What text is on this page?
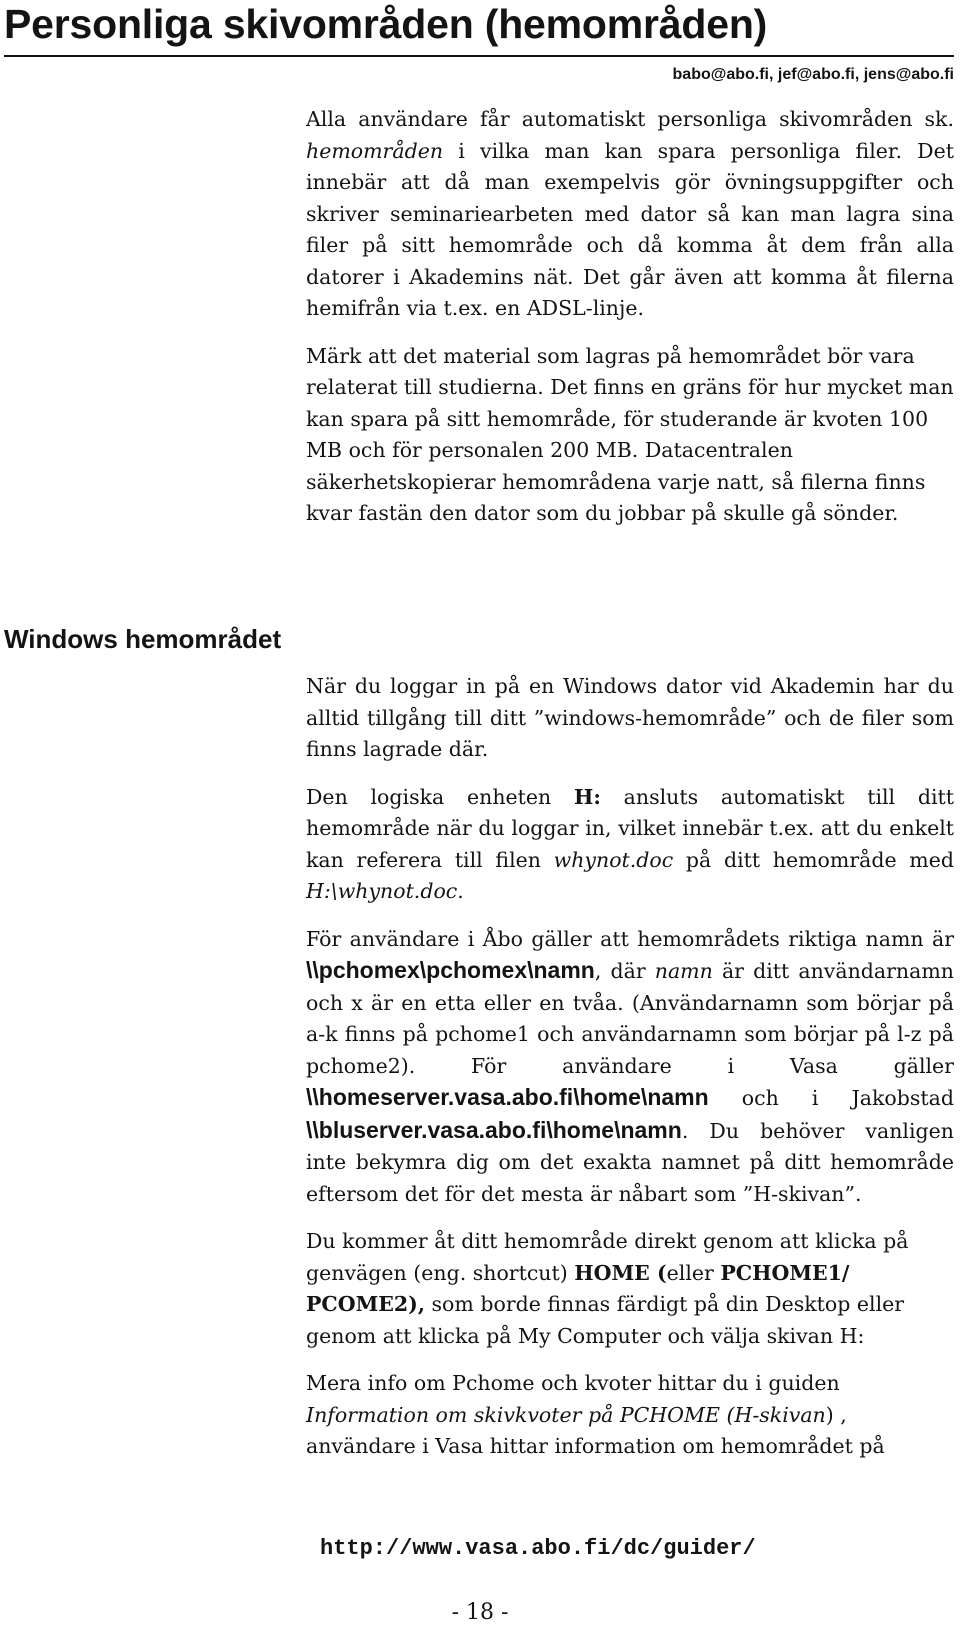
Personliga skivområden (hemområden)
babo@abo.fi, jef@abo.fi, jens@abo.fi

Alla användare får automatiskt personliga skivområden sk. hemområden i vilka man kan spara personliga filer. Det innebär att då man exempelvis gör övningsuppgifter och skriver seminariearbeten med dator så kan man lagra sina filer på sitt hemområde och då komma åt dem från alla datorer i Akademins nät. Det går även att komma åt filerna hemifrån via t.ex. en ADSL-linje.

Märk att det material som lagras på hemområdet bör vara relaterat till studierna. Det finns en gräns för hur mycket man kan spara på sitt hemområde, för studerande är kvoten 100 MB och för personalen 200 MB. Datacentralen säkerhetskopierar hemområdena varje natt, så filerna finns kvar fastän den dator som du jobbar på skulle gå sönder.

Windows hemområdet

När du loggar in på en Windows dator vid Akademin har du alltid tillgång till ditt ”windows-hemområde” och de filer som finns lagrade där.

Den logiska enheten H: ansluts automatiskt till ditt hemområde när du loggar in, vilket innebär t.ex. att du enkelt kan referera till filen whynot.doc på ditt hemområde med H:\whynot.doc.

För användare i Åbo gäller att hemområdets riktiga namn är \\pchomex\pchomex\namn, där namn är ditt användarnamn och x är en etta eller en tvåa. (Användarnamn som börjar på a-k finns på pchome1 och användarnamn som börjar på l-z på pchome2). För användare i Vasa gäller \\homeserver.vasa.abo.fi\home\namn och i Jakobstad \\bluserver.vasa.abo.fi\home\namn. Du behöver vanligen inte bekymra dig om det exakta namnet på ditt hemområde eftersom det för det mesta är nåbart som ”H-skivan”.

Du kommer åt ditt hemområde direkt genom att klicka på genvägen (eng. shortcut) HOME (eller PCHOME1/ PCOME2), som borde finnas färdigt på din Desktop eller genom att klicka på My Computer och välja skivan H:

Mera info om Pchome och kvoter hittar du i guiden Information om skivkvoter på PCHOME (H-skivan) , användare i Vasa hittar information om hemområdet på

http://www.vasa.abo.fi/dc/guider/
- 18 -
